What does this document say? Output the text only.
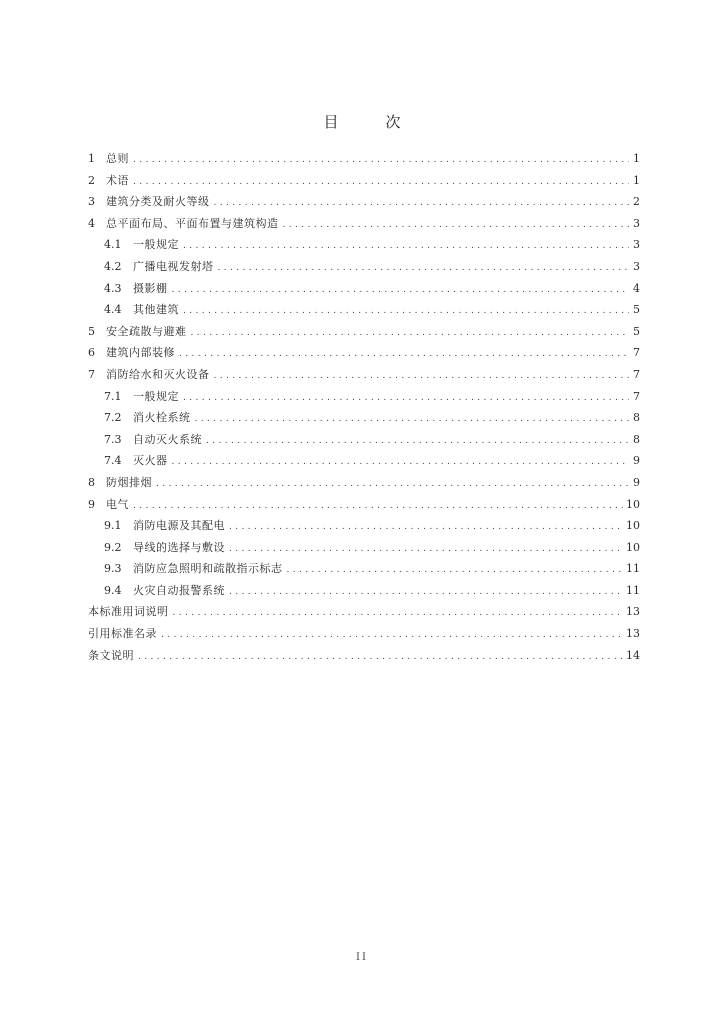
目　次
1	总则 .....	1
2	术语 .....	1
3	建筑分类及耐火等级 .....	2
4	总平面布局、平面布置与建筑构造 .....	3
4.1	一般规定 .....	3
4.2	广播电视发射塔 .....	3
4.3	摄影棚 .....	4
4.4	其他建筑 .....	5
5	安全疏散与避难 .....	5
6	建筑内部装修 .....	7
7	消防给水和灭火设备 .....	7
7.1	一般规定 .....	7
7.2	消火栓系统 .....	8
7.3	自动灭火系统 .....	8
7.4	灭火器 .....	9
8	防烟排烟 .....	9
9	电气 .....	10
9.1	消防电源及其配电 .....	10
9.2	导线的选择与敷设 .....	10
9.3	消防应急照明和疏散指示标志 .....	11
9.4	火灾自动报警系统 .....	11
本标准用词说明 .....	13
引用标准名录 .....	13
条文说明 .....	14
II
